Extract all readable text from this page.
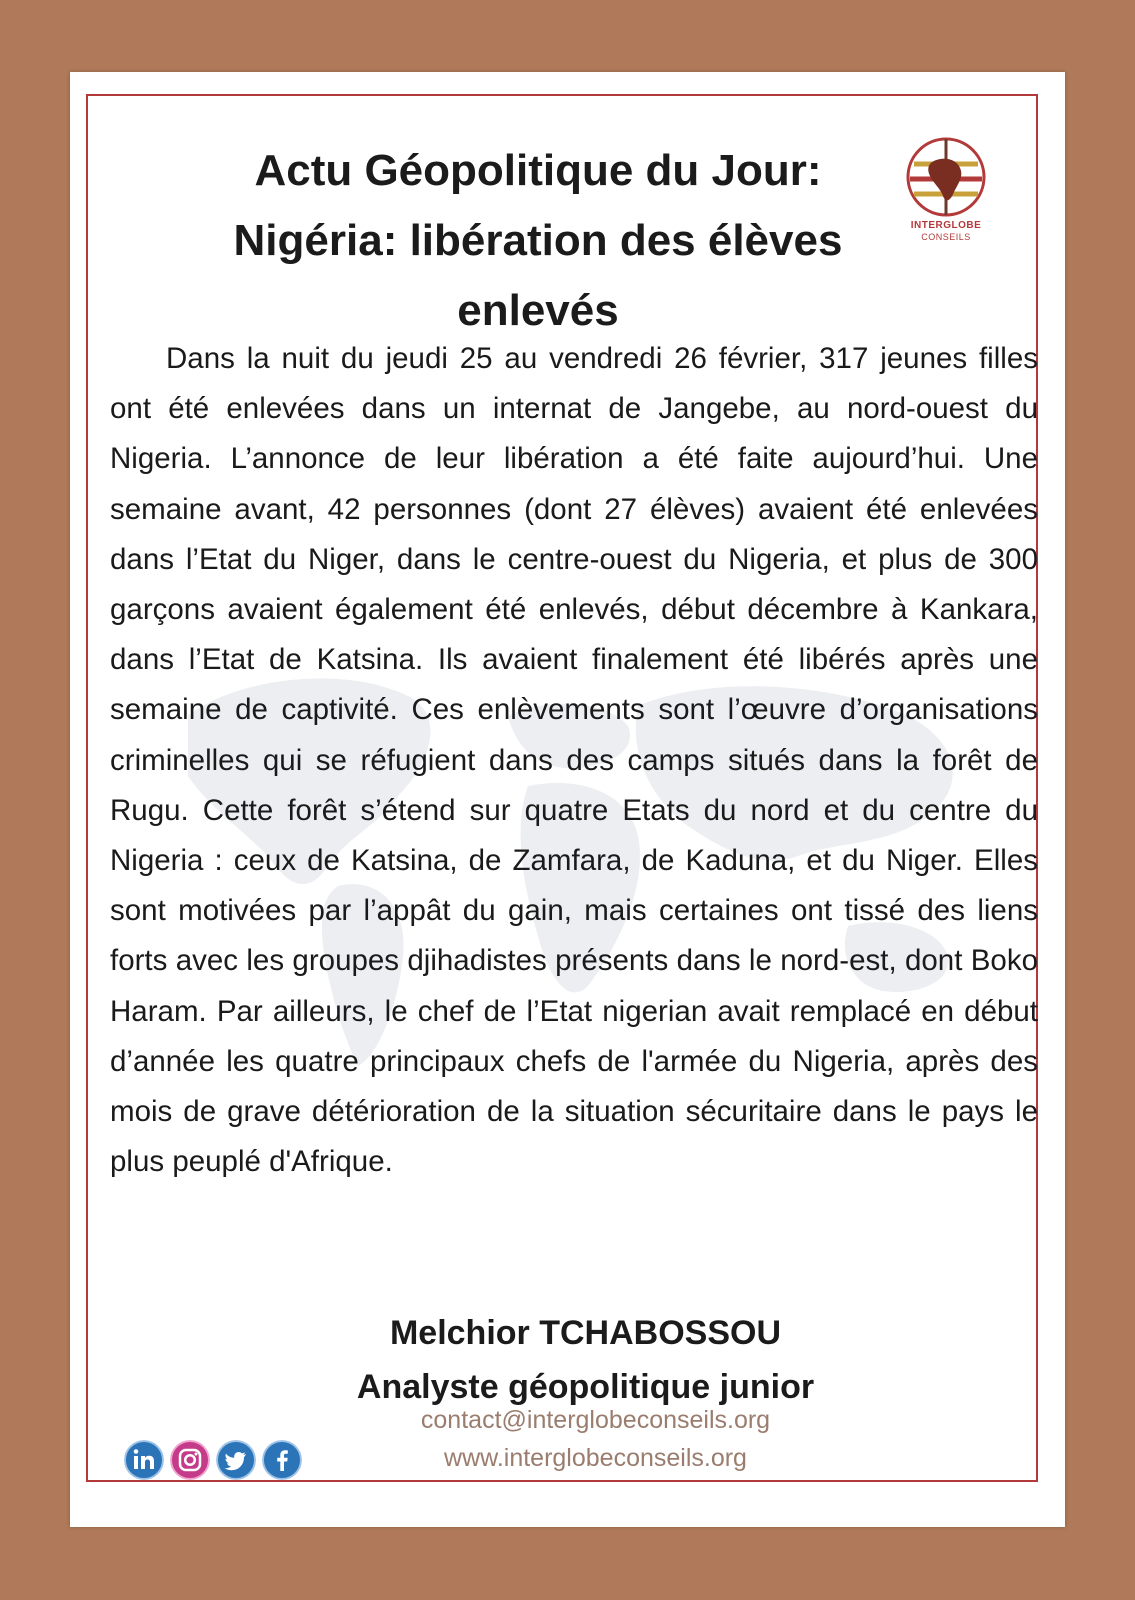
Actu Géopolitique du Jour:
Nigéria: libération des élèves
enlevés
INTERGLOBE
CONSEILS

Dans la nuit du jeudi 25 au vendredi 26 février, 317 jeunes filles ont été enlevées dans un internat de Jangebe, au nord-ouest du Nigeria. L’annonce de leur libération a été faite aujourd’hui. Une semaine avant, 42 personnes (dont 27 élèves) avaient été enlevées dans l’Etat du Niger, dans le centre-ouest du Nigeria, et plus de 300 garçons avaient également été enlevés, début décembre à Kankara, dans l’Etat de Katsina. Ils avaient finalement été libérés après une semaine de captivité. Ces enlèvements sont l’œuvre d’organisations criminelles qui se réfugient dans des camps situés dans la forêt de Rugu. Cette forêt s’étend sur quatre Etats du nord et du centre du Nigeria : ceux de Katsina, de Zamfara, de Kaduna, et du Niger. Elles sont motivées par l’appât du gain, mais certaines ont tissé des liens forts avec les groupes djihadistes présents dans le nord-est, dont Boko Haram. Par ailleurs, le chef de l’Etat nigerian avait remplacé en début d’année les quatre principaux chefs de l'armée du Nigeria, après des mois de grave détérioration de la situation sécuritaire dans le pays le plus peuplé d'Afrique.

Melchior TCHABOSSOU
Analyste géopolitique junior

contact@interglobeconseils.org
www.interglobeconseils.org
